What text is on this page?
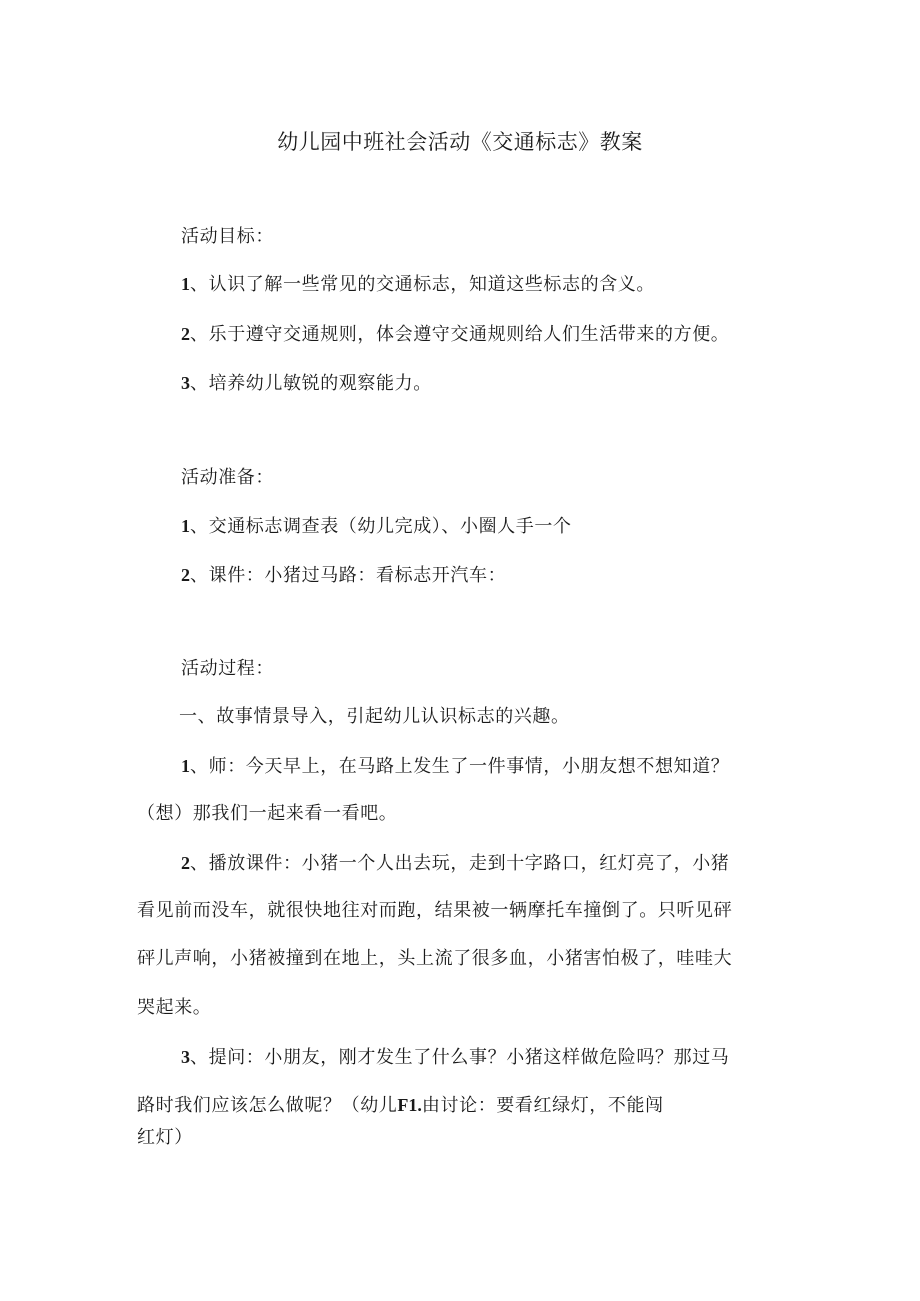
幼儿园中班社会活动《交通标志》教案
活动目标：
1、认识了解一些常见的交通标志，知道这些标志的含义。
2、乐于遵守交通规则，体会遵守交通规则给人们生活带来的方便。
3、培养幼儿敏锐的观察能力。
活动准备：
1、交通标志调查表（幼儿完成）、小圈人手一个
2、课件：小猪过马路：看标志开汽车：
活动过程：
一、故事情景导入，引起幼儿认识标志的兴趣。
1、师：今天早上，在马路上发生了一件事情，小朋友想不想知道？
（想）那我们一起来看一看吧。
2、播放课件：小猪一个人出去玩，走到十字路口，红灯亮了，小猪
看见前而没车，就很快地往对而跑，结果被一辆摩托车撞倒了。只听见砰
砰儿声响，小猪被撞到在地上，头上流了很多血，小猪害怕极了，哇哇大
哭起来。
3、提问：小朋友，刚才发生了什么事？小猪这样做危险吗？那过马
路时我们应该怎么做呢？（幼儿F1.由讨论：要看红绿灯，不能闯
红灯）
